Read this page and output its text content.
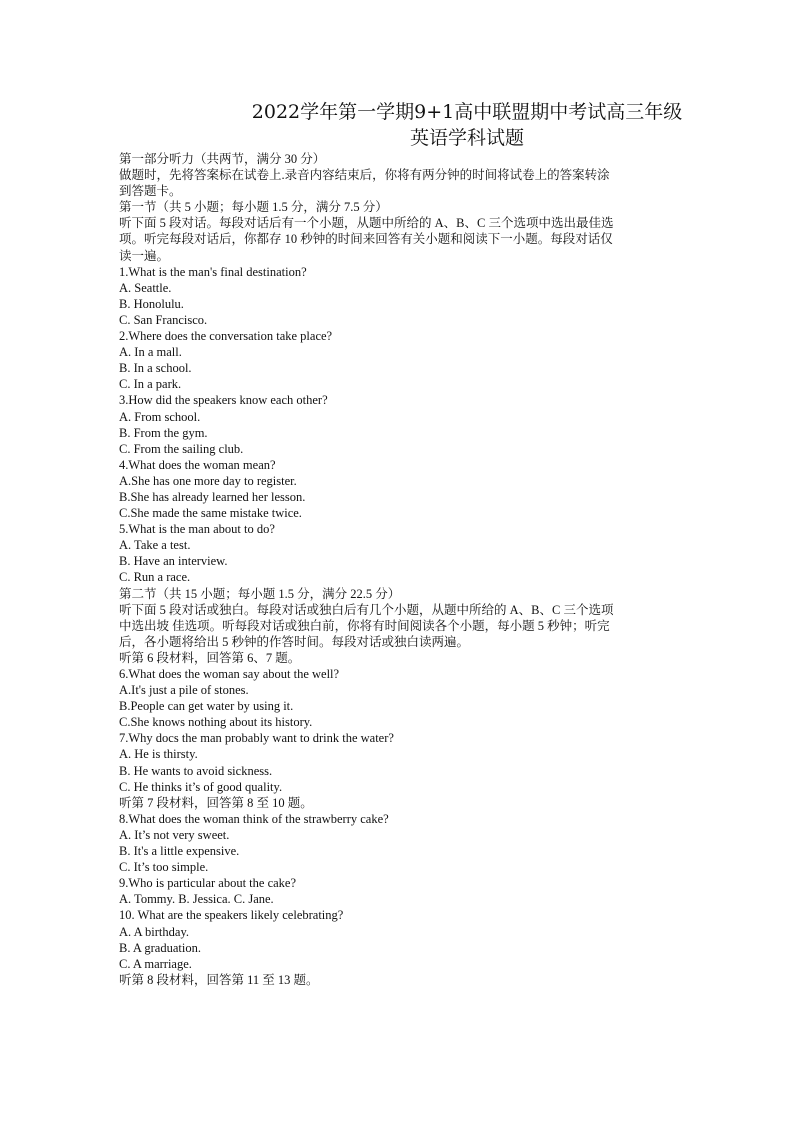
2022学年第一学期9+1高中联盟期中考试高三年级
英语学科试题
第一部分听力（共两节，满分 30 分）
做题时，先将答案标在试卷上.录音内容结束后，你将有两分钟的时间将试卷上的答案转涂
到答题卡。
第一节（共 5 小题；每小题 1.5 分，满分 7.5 分）
听下面 5 段对话。每段对话后有一个小题，从题中所给的 A、B、C 三个选项中选出最佳选
项。听完每段对话后，你都存 10 秒钟的时间来回答有关小题和阅读下一小题。每段对话仅
读一遍。
1.What is the man's final destination?
A. Seattle.
B. Honolulu.
C. San Francisco.
2.Where does the conversation take place?
A. In a mall.
B. In a school.
C. In a park.
3.How did the speakers know each other?
A. From school.
B. From the gym.
C. From the sailing club.
4.What does the woman mean?
A.She has one more day to register.
B.She has already learned her lesson.
C.She made the same mistake twice.
5.What is the man about to do?
A. Take a test.
B. Have an interview.
C. Run a race.
第二节（共 15 小题；每小题 1.5 分，满分 22.5 分）
听下面 5 段对话或独白。每段对话或独白后有几个小题，从题中所给的 A、B、C 三个选项
中选出坡 佳选项。听每段对话或独白前，你将有时间阅读各个小题，每小题 5 秒钟；听完
后，各小题将给出 5 秒钟的作答时间。每段对话或独白读两遍。
听第 6 段材料，回答第 6、7 题。
6.What does the woman say about the well?
A.It's just a pile of stones.
B.People can get water by using it.
C.She knows nothing about its history.
7.Why docs the man probably want to drink the water?
A. He is thirsty.
B. He wants to avoid sickness.
C. He thinks it’s of good quality.
听第 7 段材料，回答第 8 至 10 题。
8.What does the woman think of the strawberry cake?
A. It’s not very sweet.
B. It's a little expensive.
C. It’s too simple.
9.Who is particular about the cake?
A. Tommy. B. Jessica. C. Jane.
10. What are the speakers likely celebrating?
A. A birthday.
B. A graduation.
C. A marriage.
听第 8 段材料，回答第 11 至 13 题。
